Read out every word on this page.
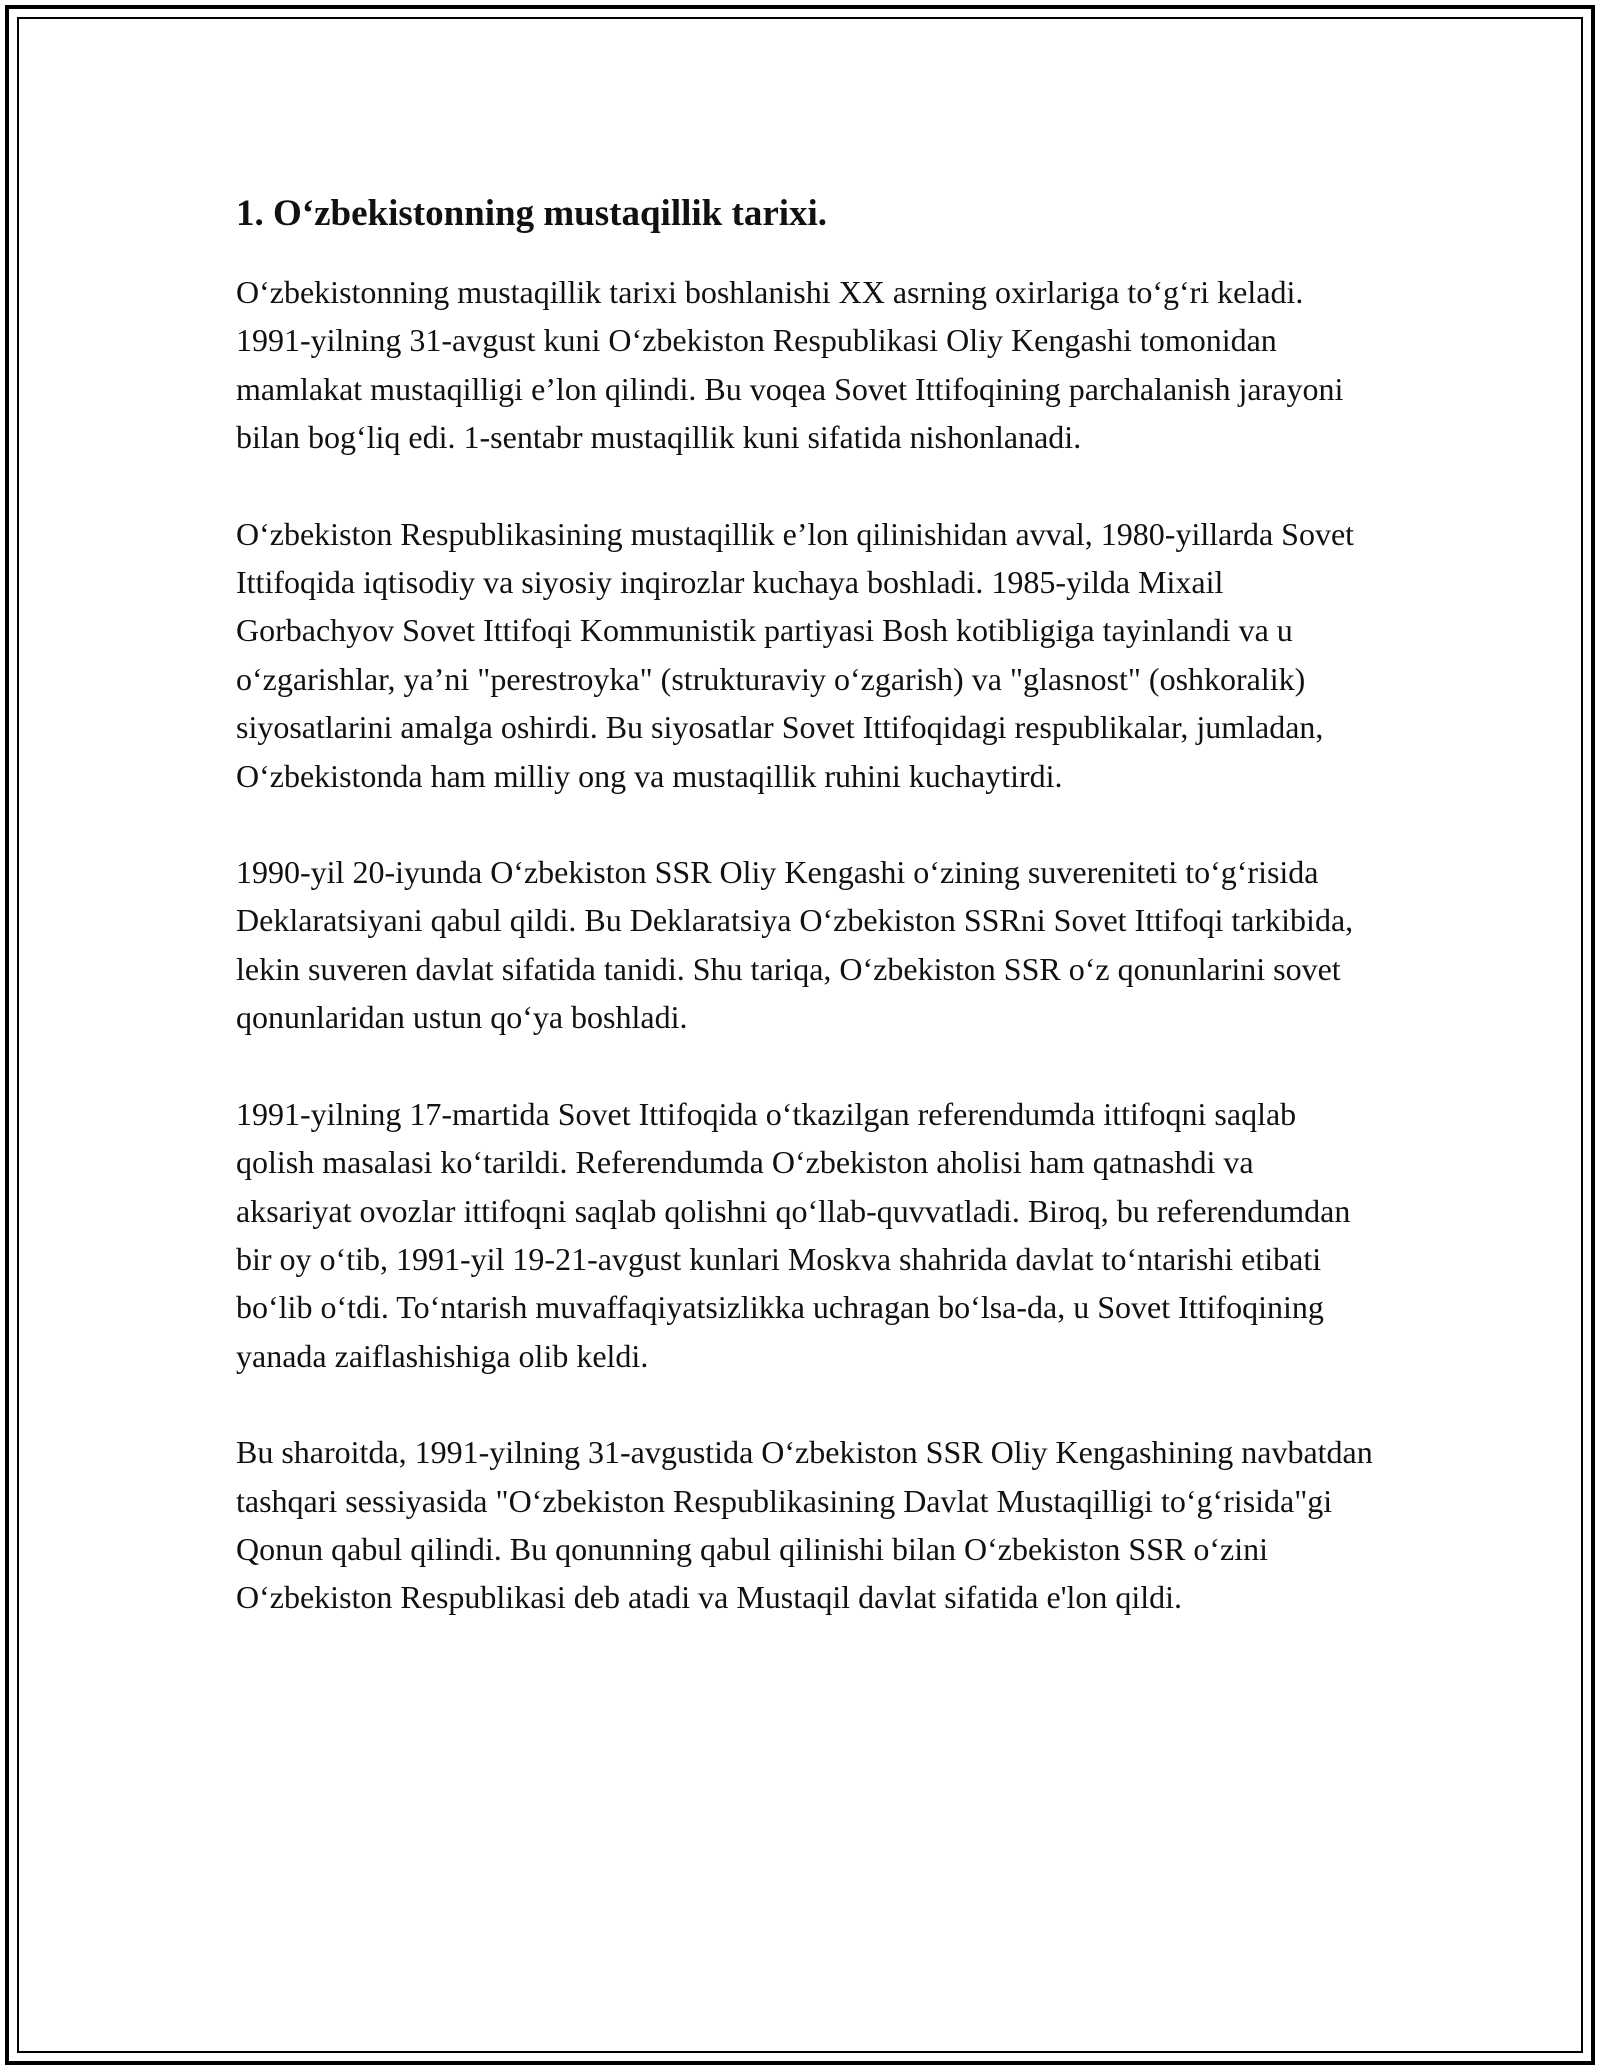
1. O‘zbekistonning mustaqillik tarixi.

O‘zbekistonning mustaqillik tarixi boshlanishi XX asrning oxirlariga to‘g‘ri keladi. 1991-yilning 31-avgust kuni O‘zbekiston Respublikasi Oliy Kengashi tomonidan mamlakat mustaqilligi e’lon qilindi. Bu voqea Sovet Ittifoqining parchalanish jarayoni bilan bog‘liq edi. 1-sentabr mustaqillik kuni sifatida nishonlanadi.

O‘zbekiston Respublikasining mustaqillik e’lon qilinishidan avval, 1980-yillarda Sovet Ittifoqida iqtisodiy va siyosiy inqirozlar kuchaya boshladi. 1985-yilda Mixail Gorbachyov Sovet Ittifoqi Kommunistik partiyasi Bosh kotibligiga tayinlandi va u o‘zgarishlar, ya’ni "perestroyka" (strukturaviy o‘zgarish) va "glasnost" (oshkoralik) siyosatlarini amalga oshirdi. Bu siyosatlar Sovet Ittifoqidagi respublikalar, jumladan, O‘zbekistonda ham milliy ong va mustaqillik ruhini kuchaytirdi.

1990-yil 20-iyunda O‘zbekiston SSR Oliy Kengashi o‘zining suvereniteti to‘g‘risida Deklaratsiyani qabul qildi. Bu Deklaratsiya O‘zbekiston SSRni Sovet Ittifoqi tarkibida, lekin suveren davlat sifatida tanidi. Shu tariqa, O‘zbekiston SSR o‘z qonunlarini sovet qonunlaridan ustun qo‘ya boshladi.

1991-yilning 17-martida Sovet Ittifoqida o‘tkazilgan referendumda ittifoqni saqlab qolish masalasi ko‘tarildi. Referendumda O‘zbekiston aholisi ham qatnashdi va aksariyat ovozlar ittifoqni saqlab qolishni qo‘llab-quvvatladi. Biroq, bu referendumdan bir oy o‘tib, 1991-yil 19-21-avgust kunlari Moskva shahrida davlat to‘ntarishi etibati bo‘lib o‘tdi. To‘ntarish muvaffaqiyatsizlikka uchragan bo‘lsa-da, u Sovet Ittifoqining yanada zaiflashishiga olib keldi.

Bu sharoitda, 1991-yilning 31-avgustida O‘zbekiston SSR Oliy Kengashining navbatdan tashqari sessiyasida "O‘zbekiston Respublikasining Davlat Mustaqilligi to‘g‘risida"gi Qonun qabul qilindi. Bu qonunning qabul qilinishi bilan O‘zbekiston SSR o‘zini O‘zbekiston Respublikasi deb atadi va Mustaqil davlat sifatida e'lon qildi.
